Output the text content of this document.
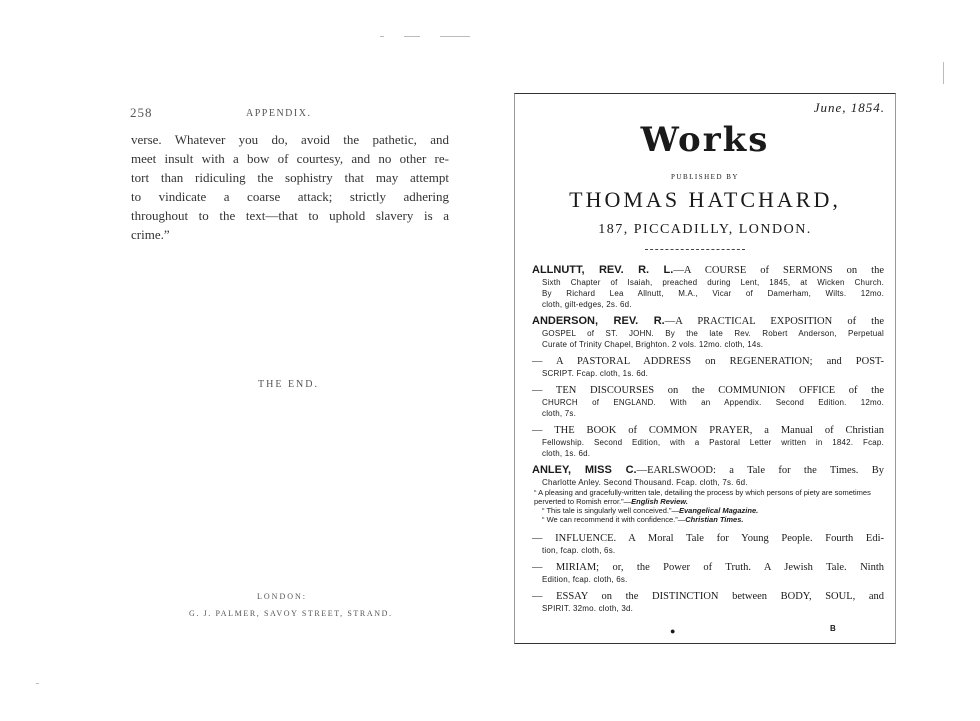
258	APPENDIX.
verse. Whatever you do, avoid the pathetic, and
meet insult with a bow of courtesy, and no other re-
tort than ridiculing the sophistry that may attempt
to vindicate a coarse attack; strictly adhering
throughout to the text—that to uphold slavery is a
crime.”
THE END.
LONDON:
G. J. PALMER, SAVOY STREET, STRAND.
June, 1854.
Works
PUBLISHED BY
THOMAS HATCHARD,
187, PICCADILLY, LONDON.
ALLNUTT, REV. R. L.—A COURSE of SERMONS on the
Sixth Chapter of Isaiah, preached during Lent, 1845, at Wicken Church.
By Richard Lea Allnutt, M.A., Vicar of Damerham, Wilts. 12mo.
cloth, gilt-edges, 2s. 6d.
ANDERSON, REV. R.—A PRACTICAL EXPOSITION of the
GOSPEL of ST. JOHN. By the late Rev. Robert Anderson, Perpetual
Curate of Trinity Chapel, Brighton. 2 vols. 12mo. cloth, 14s.
— A PASTORAL ADDRESS on REGENERATION; and POST-
SCRIPT. Fcap. cloth, 1s. 6d.
— TEN DISCOURSES on the COMMUNION OFFICE of the
CHURCH of ENGLAND. With an Appendix. Second Edition. 12mo.
cloth, 7s.
— THE BOOK of COMMON PRAYER, a Manual of Christian
Fellowship. Second Edition, with a Pastoral Letter written in 1842. Fcap.
cloth, 1s. 6d.
ANLEY, MISS C.—EARLSWOOD: a Tale for the Times. By
Charlotte Anley. Second Thousand. Fcap. cloth, 7s. 6d.
“ A pleasing and gracefully-written tale, detailing the process by which persons of piety are sometimes perverted to Romish error.”—English Review.
“ This tale is singularly well conceived.”—Evangelical Magazine.
“ We can recommend it with confidence.”—Christian Times.
— INFLUENCE. A Moral Tale for Young People. Fourth Edi-
tion, fcap. cloth, 6s.
— MIRIAM; or, the Power of Truth. A Jewish Tale. Ninth
Edition, fcap. cloth, 6s.
— ESSAY on the DISTINCTION between BODY, SOUL, and
SPIRIT. 32mo. cloth, 3d.
●	B
